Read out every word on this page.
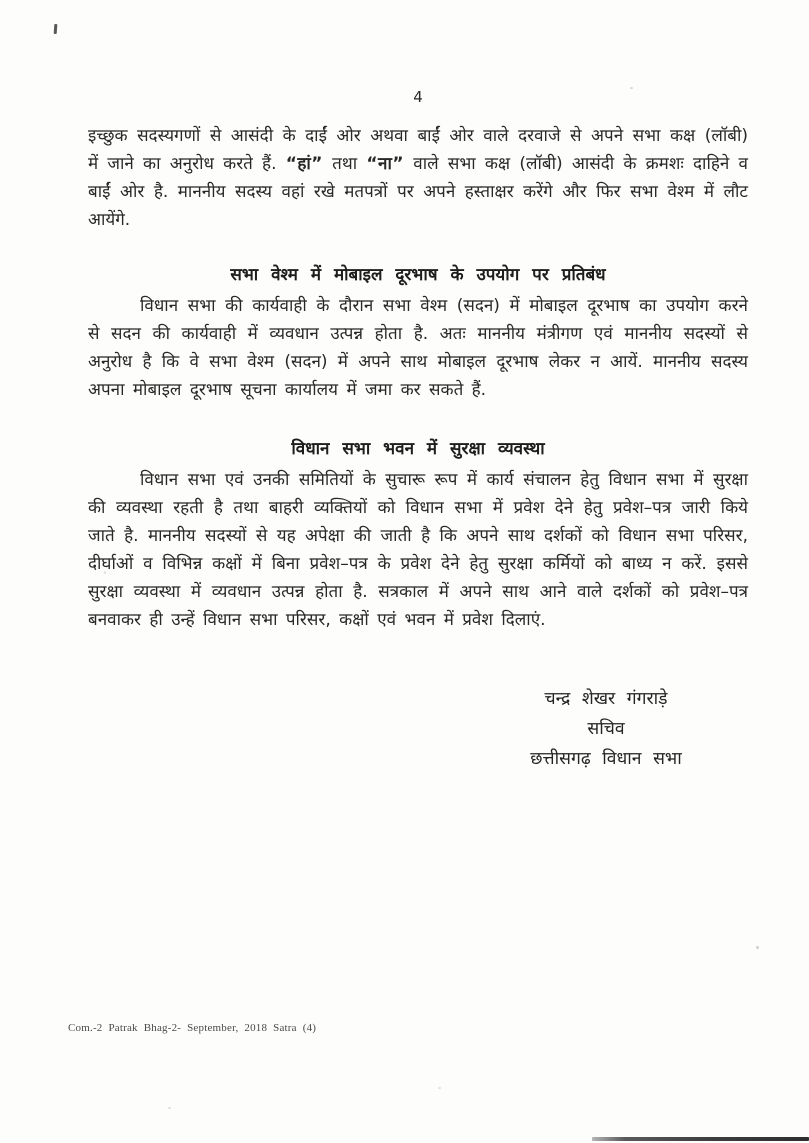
4

इच्छुक सदस्यगणों से आसंदी के दाईं ओर अथवा बाईं ओर वाले दरवाजे से अपने सभा कक्ष (लॉबी) में जाने का अनुरोध करते हैं. “हां” तथा “ना” वाले सभा कक्ष (लॉबी) आसंदी के क्रमशः दाहिने व बाईं ओर है. माननीय सदस्य वहां रखे मतपत्रों पर अपने हस्ताक्षर करेंगे और फिर सभा वेश्म में लौट आयेंगे.

सभा वेश्म में मोबाइल दूरभाष के उपयोग पर प्रतिबंध

विधान सभा की कार्यवाही के दौरान सभा वेश्म (सदन) में मोबाइल दूरभाष का उपयोग करने से सदन की कार्यवाही में व्यवधान उत्पन्न होता है. अतः माननीय मंत्रीगण एवं माननीय सदस्यों से अनुरोध है कि वे सभा वेश्म (सदन) में अपने साथ मोबाइल दूरभाष लेकर न आयें. माननीय सदस्य अपना मोबाइल दूरभाष सूचना कार्यालय में जमा कर सकते हैं.

विधान सभा भवन में सुरक्षा व्यवस्था

विधान सभा एवं उनकी समितियों के सुचारू रूप में कार्य संचालन हेतु विधान सभा में सुरक्षा की व्यवस्था रहती है तथा बाहरी व्यक्तियों को विधान सभा में प्रवेश देने हेतु प्रवेश–पत्र जारी किये जाते है. माननीय सदस्यों से यह अपेक्षा की जाती है कि अपने साथ दर्शकों को विधान सभा परिसर, दीर्घाओं व विभिन्न कक्षों में बिना प्रवेश–पत्र के प्रवेश देने हेतु सुरक्षा कर्मियों को बाध्य न करें. इससे सुरक्षा व्यवस्था में व्यवधान उत्पन्न होता है. सत्रकाल में अपने साथ आने वाले दर्शकों को प्रवेश–पत्र बनवाकर ही उन्हें विधान सभा परिसर, कक्षों एवं भवन में प्रवेश दिलाएं.

चन्द्र शेखर गंगराड़े
सचिव
छत्तीसगढ़ विधान सभा
Com.-2 Patrak Bhag-2- September, 2018 Satra (4)
